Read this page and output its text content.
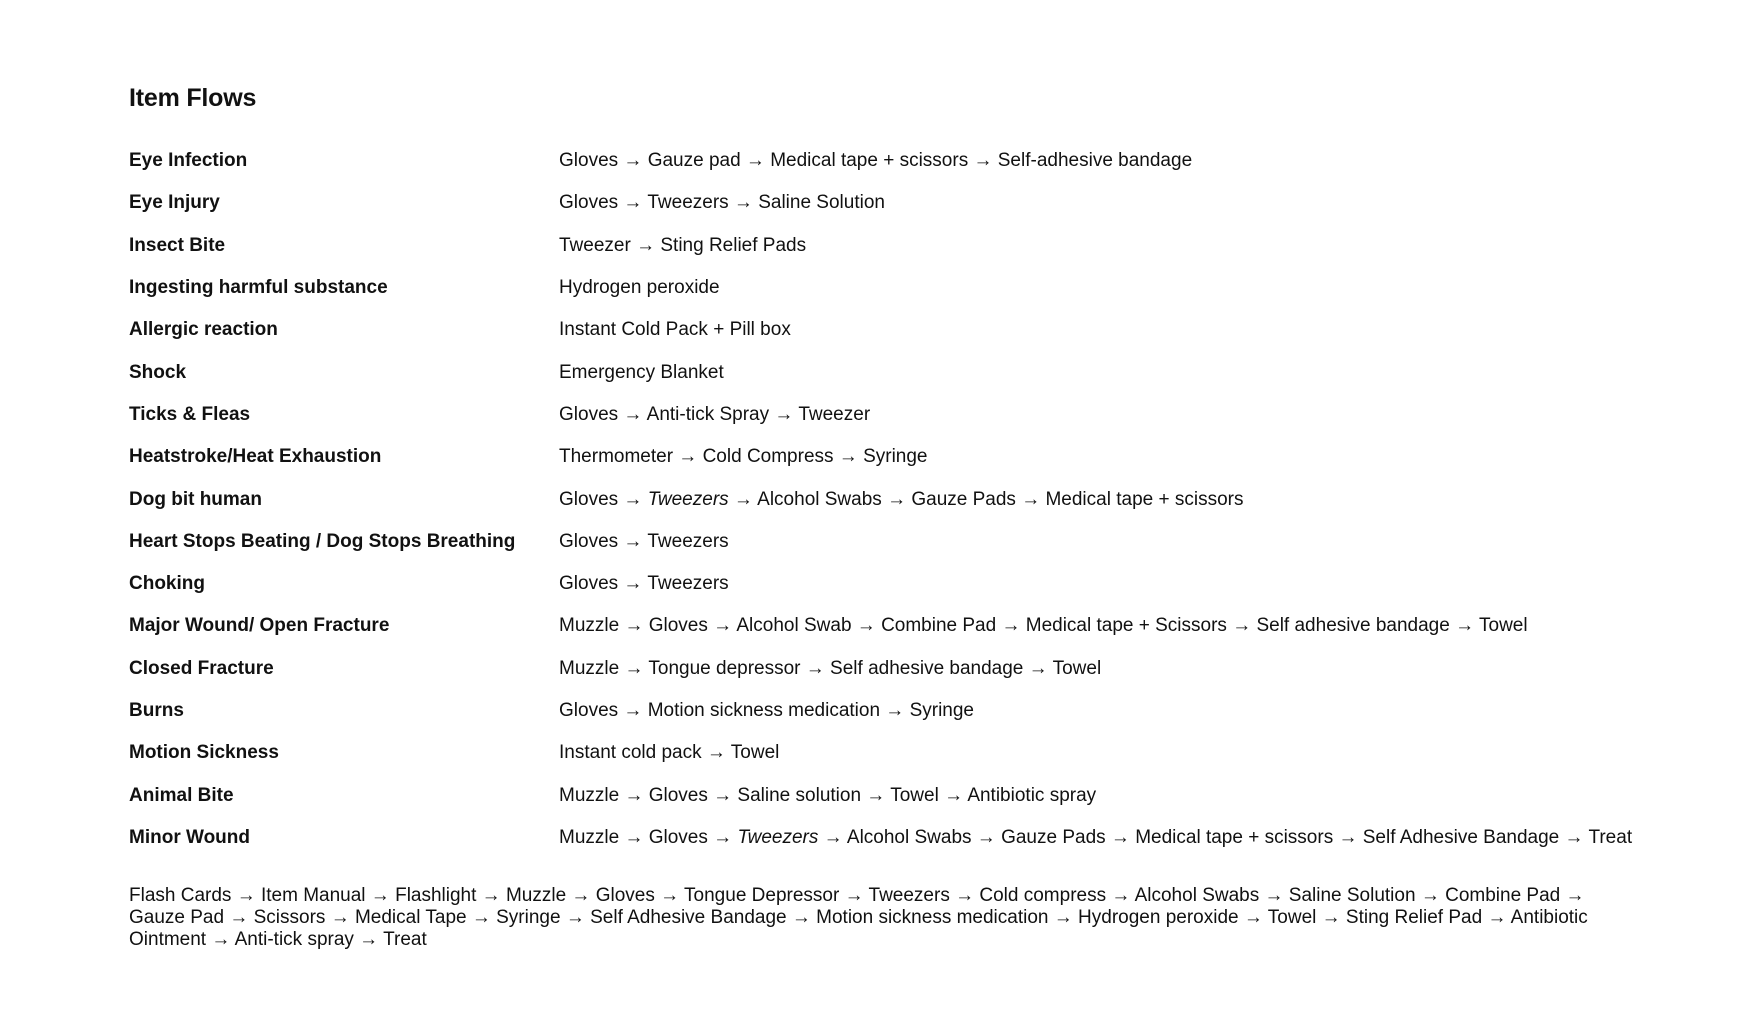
Item Flows
Eye Infection	Gloves → Gauze pad → Medical tape + scissors → Self-adhesive bandage
Eye Injury	Gloves → Tweezers → Saline Solution
Insect Bite	Tweezer → Sting Relief Pads
Ingesting harmful substance	Hydrogen peroxide
Allergic reaction	Instant Cold Pack + Pill box
Shock	Emergency Blanket
Ticks & Fleas	Gloves → Anti-tick Spray → Tweezer
Heatstroke/Heat Exhaustion	Thermometer → Cold Compress → Syringe
Dog bit human	Gloves → Tweezers → Alcohol Swabs → Gauze Pads → Medical tape + scissors
Heart Stops Beating / Dog Stops Breathing	Gloves → Tweezers
Choking	Gloves → Tweezers
Major Wound/ Open Fracture	Muzzle → Gloves → Alcohol Swab → Combine Pad → Medical tape + Scissors → Self adhesive bandage → Towel
Closed Fracture	Muzzle → Tongue depressor → Self adhesive bandage → Towel
Burns	Gloves → Motion sickness medication → Syringe
Motion Sickness	Instant cold pack → Towel
Animal Bite	Muzzle → Gloves → Saline solution → Towel → Antibiotic spray
Minor Wound	Muzzle → Gloves → Tweezers → Alcohol Swabs → Gauze Pads → Medical tape + scissors → Self Adhesive Bandage → Treat

Flash Cards → Item Manual → Flashlight → Muzzle → Gloves → Tongue Depressor → Tweezers → Cold compress → Alcohol Swabs → Saline Solution → Combine Pad → Gauze Pad → Scissors → Medical Tape → Syringe → Self Adhesive Bandage → Motion sickness medication → Hydrogen peroxide → Towel → Sting Relief Pad → Antibiotic Ointment → Anti-tick spray → Treat
